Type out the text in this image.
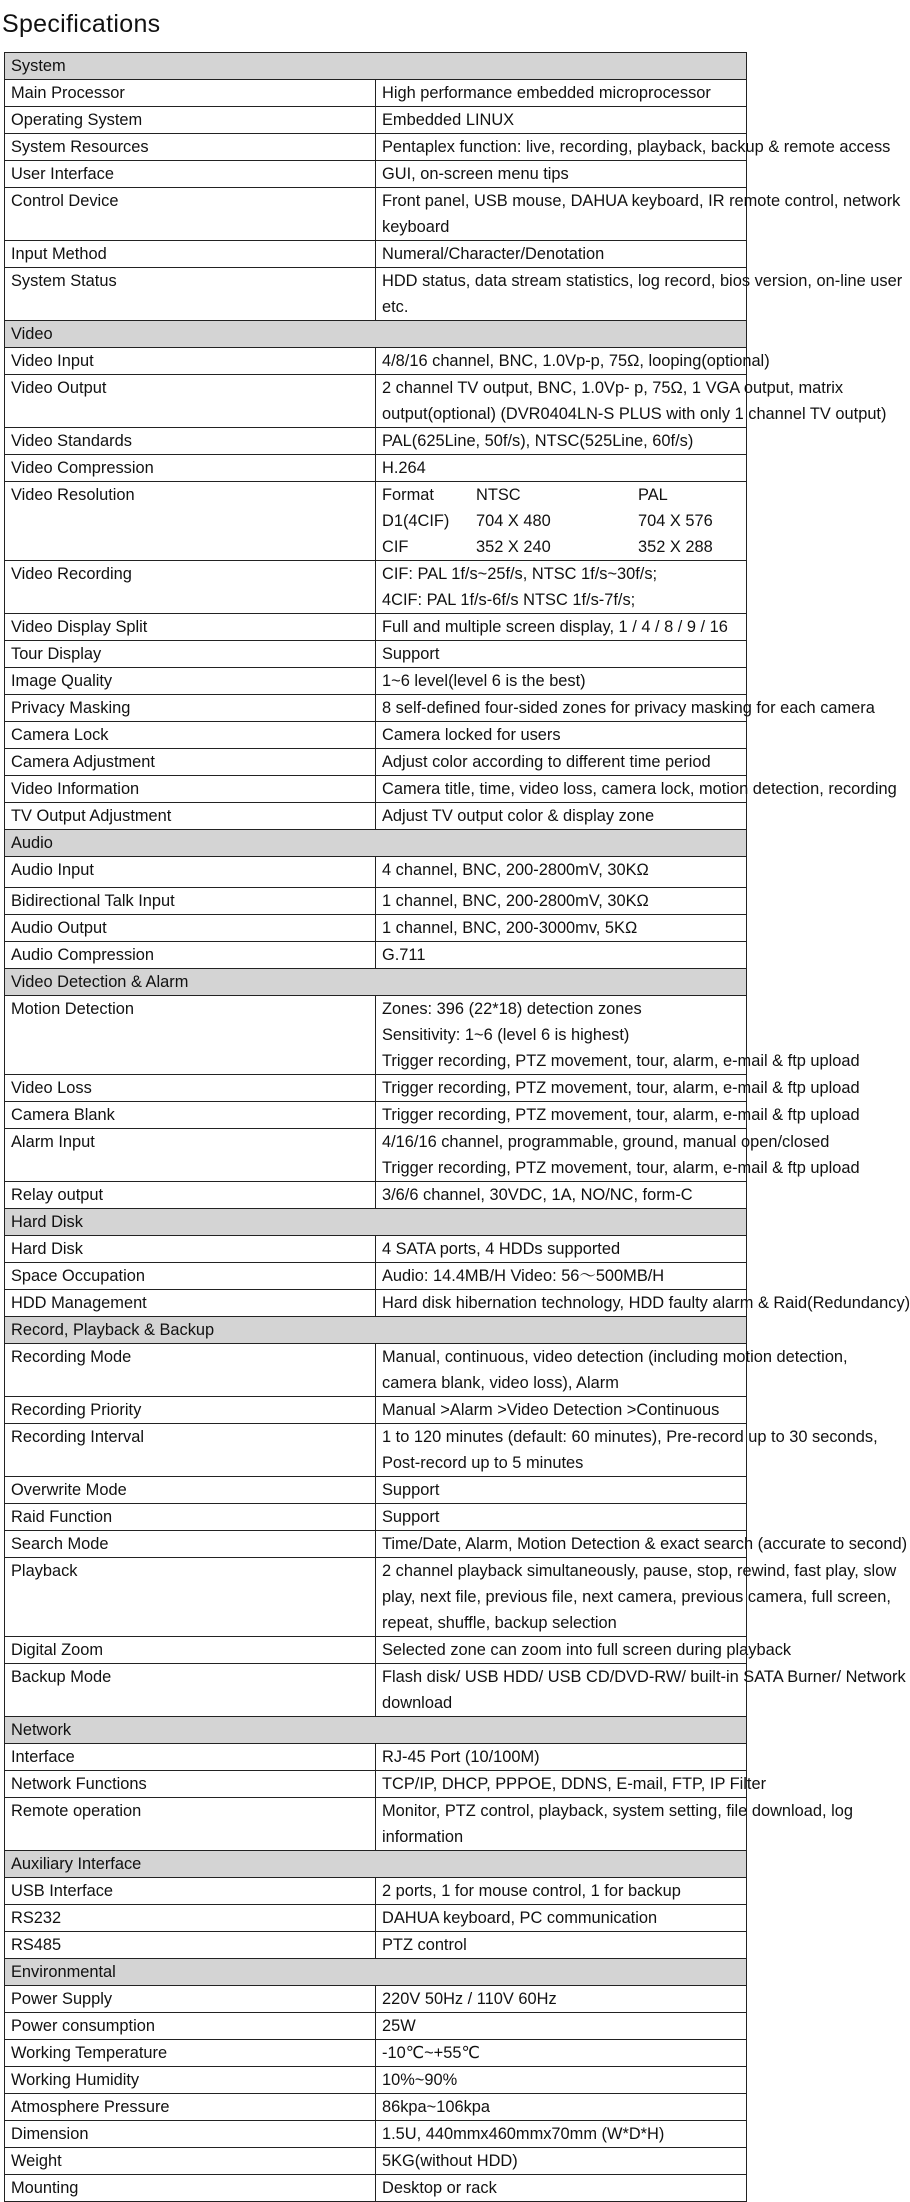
Specifications
System	
Main Processor	High performance embedded microprocessor

Operating System	Embedded LINUX

System Resources	Pentaplex function: live, recording, playback, backup & remote access

User Interface	GUI, on-screen menu tips

Control Device	Front panel, USB mouse, DAHUA keyboard, IR remote control, network
keyboard

Input Method	Numeral/Character/Denotation

System Status	HDD status, data stream statistics, log record, bios version, on-line user
etc.

Video	
Video Input	4/8/16 channel, BNC, 1.0Vp-p, 75Ω, looping(optional)

Video Output	2 channel TV output, BNC, 1.0Vp- p, 75Ω, 1 VGA output, matrix
output(optional) (DVR0404LN-S PLUS with only 1 channel TV output)

Video Standards	PAL(625Line, 50f/s), NTSC(525Line, 60f/s)

Video Compression	H.264

Video Resolution	Format NTSC PAL
D1(4CIF) 704 X 480 704 X 576
CIF 352 X 240 352 X 288

Video Recording	CIF: PAL 1f/s~25f/s, NTSC 1f/s~30f/s;
4CIF: PAL 1f/s-6f/s NTSC 1f/s-7f/s;

Video Display Split	Full and multiple screen display, 1 / 4 / 8 / 9 / 16

Tour Display	Support

Image Quality	1~6 level(level 6 is the best)

Privacy Masking	8 self-defined four-sided zones for privacy masking for each camera

Camera Lock	Camera locked for users

Camera Adjustment	Adjust color according to different time period

Video Information	Camera title, time, video loss, camera lock, motion detection, recording

TV Output Adjustment	Adjust TV output color & display zone

Audio	
Audio Input	4 channel, BNC, 200-2800mV, 30KΩ

Bidirectional Talk Input	1 channel, BNC, 200-2800mV, 30KΩ

Audio Output	1 channel, BNC, 200-3000mv, 5KΩ

Audio Compression	G.711

Video Detection & Alarm	
Motion Detection	Zones: 396 (22*18) detection zones
Sensitivity: 1~6 (level 6 is highest)
Trigger recording, PTZ movement, tour, alarm, e-mail & ftp upload

Video Loss	Trigger recording, PTZ movement, tour, alarm, e-mail & ftp upload

Camera Blank	Trigger recording, PTZ movement, tour, alarm, e-mail & ftp upload

Alarm Input	4/16/16 channel, programmable, ground, manual open/closed
Trigger recording, PTZ movement, tour, alarm, e-mail & ftp upload

Relay output	3/6/6 channel, 30VDC, 1A, NO/NC, form-C

Hard Disk	
Hard Disk	4 SATA ports, 4 HDDs supported

Space Occupation	Audio: 14.4MB/H Video: 56～500MB/H

HDD Management	Hard disk hibernation technology, HDD faulty alarm & Raid(Redundancy)

Record, Playback & Backup	
Recording Mode	Manual, continuous, video detection (including motion detection,
camera blank, video loss), Alarm

Recording Priority	Manual >Alarm >Video Detection >Continuous

Recording Interval	1 to 120 minutes (default: 60 minutes), Pre-record up to 30 seconds,
Post-record up to 5 minutes

Overwrite Mode	Support

Raid Function	Support

Search Mode	Time/Date, Alarm, Motion Detection & exact search (accurate to second)

Playback	2 channel playback simultaneously, pause, stop, rewind, fast play, slow
play, next file, previous file, next camera, previous camera, full screen,
repeat, shuffle, backup selection

Digital Zoom	Selected zone can zoom into full screen during playback

Backup Mode	Flash disk/ USB HDD/ USB CD/DVD-RW/ built-in SATA Burner/ Network
download

Network	
Interface	RJ-45 Port (10/100M)

Network Functions	TCP/IP, DHCP, PPPOE, DDNS, E-mail, FTP, IP Filter

Remote operation	Monitor, PTZ control, playback, system setting, file download, log
information

Auxiliary Interface	
USB Interface	2 ports, 1 for mouse control, 1 for backup

RS232	DAHUA keyboard, PC communication

RS485	PTZ control

Environmental	
Power Supply	220V 50Hz / 110V 60Hz

Power consumption	25W

Working Temperature	-10℃~+55℃

Working Humidity	10%~90%

Atmosphere Pressure	86kpa~106kpa

Dimension	1.5U, 440mmx460mmx70mm (W*D*H)

Weight	5KG(without HDD)

Mounting	Desktop or rack
